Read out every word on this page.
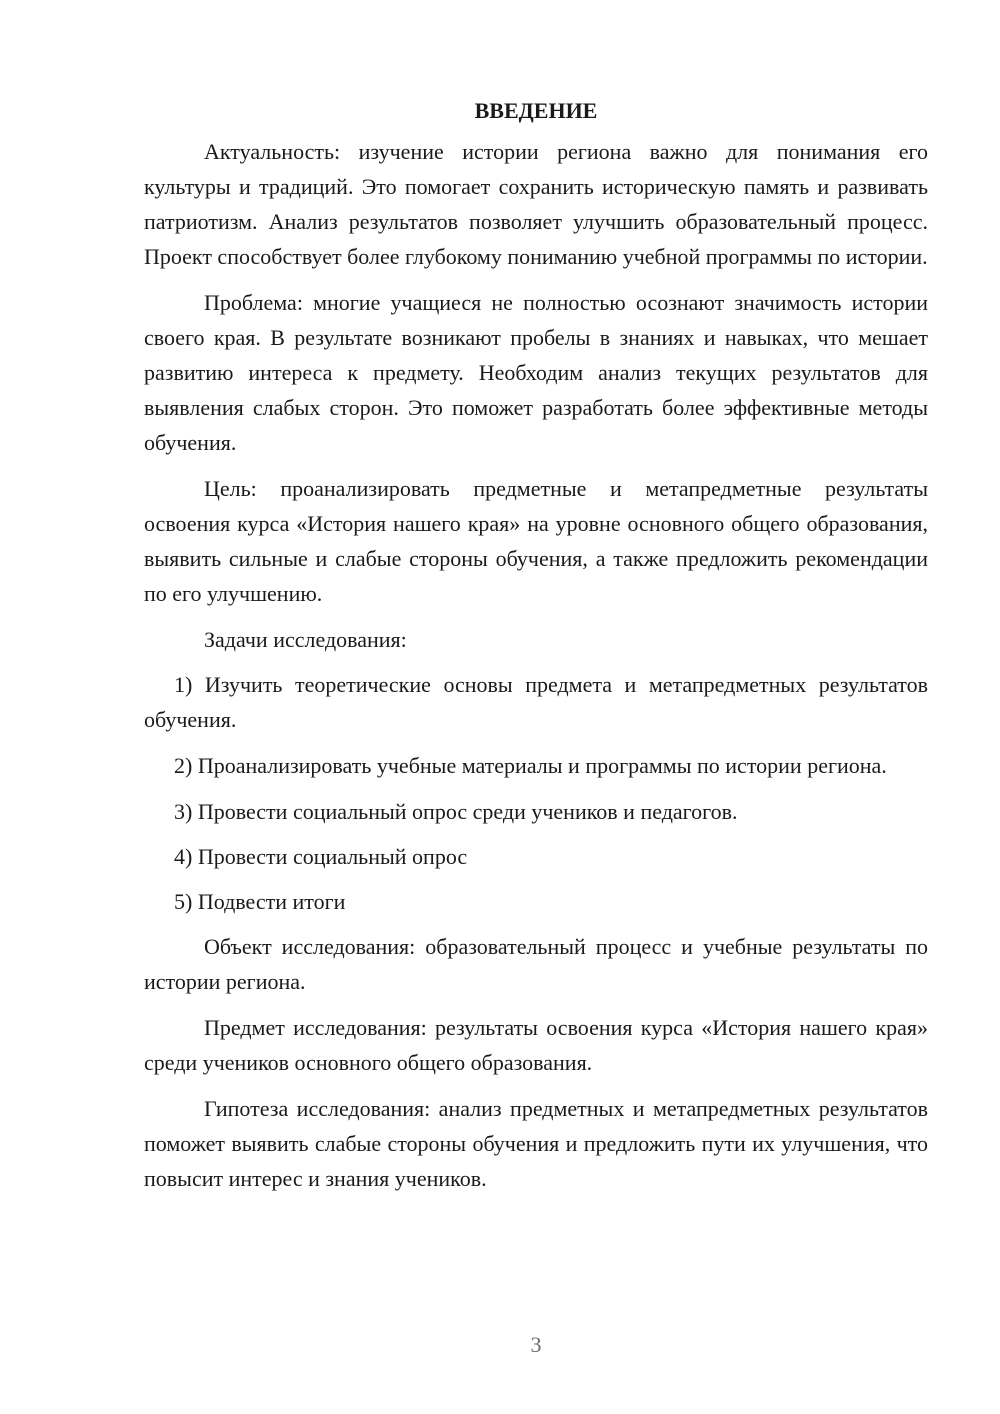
ВВЕДЕНИЕ

Актуальность: изучение истории региона важно для понимания его культуры и традиций. Это помогает сохранить историческую память и развивать патриотизм. Анализ результатов позволяет улучшить образовательный процесс. Проект способствует более глубокому пониманию учебной программы по истории.

Проблема: многие учащиеся не полностью осознают значимость истории своего края. В результате возникают пробелы в знаниях и навыках, что мешает развитию интереса к предмету. Необходим анализ текущих результатов для выявления слабых сторон. Это поможет разработать более эффективные методы обучения.

Цель: проанализировать предметные и метапредметные результаты освоения курса «История нашего края» на уровне основного общего образования, выявить сильные и слабые стороны обучения, а также предложить рекомендации по его улучшению.

Задачи исследования:

1) Изучить теоретические основы предмета и метапредметных результатов обучения.

2) Проанализировать учебные материалы и программы по истории региона.

3) Провести социальный опрос среди учеников и педагогов.

4) Провести социальный опрос

5) Подвести итоги

Объект исследования: образовательный процесс и учебные результаты по истории региона.

Предмет исследования: результаты освоения курса «История нашего края» среди учеников основного общего образования.

Гипотеза исследования: анализ предметных и метапредметных результатов поможет выявить слабые стороны обучения и предложить пути их улучшения, что повысит интерес и знания учеников.

3
